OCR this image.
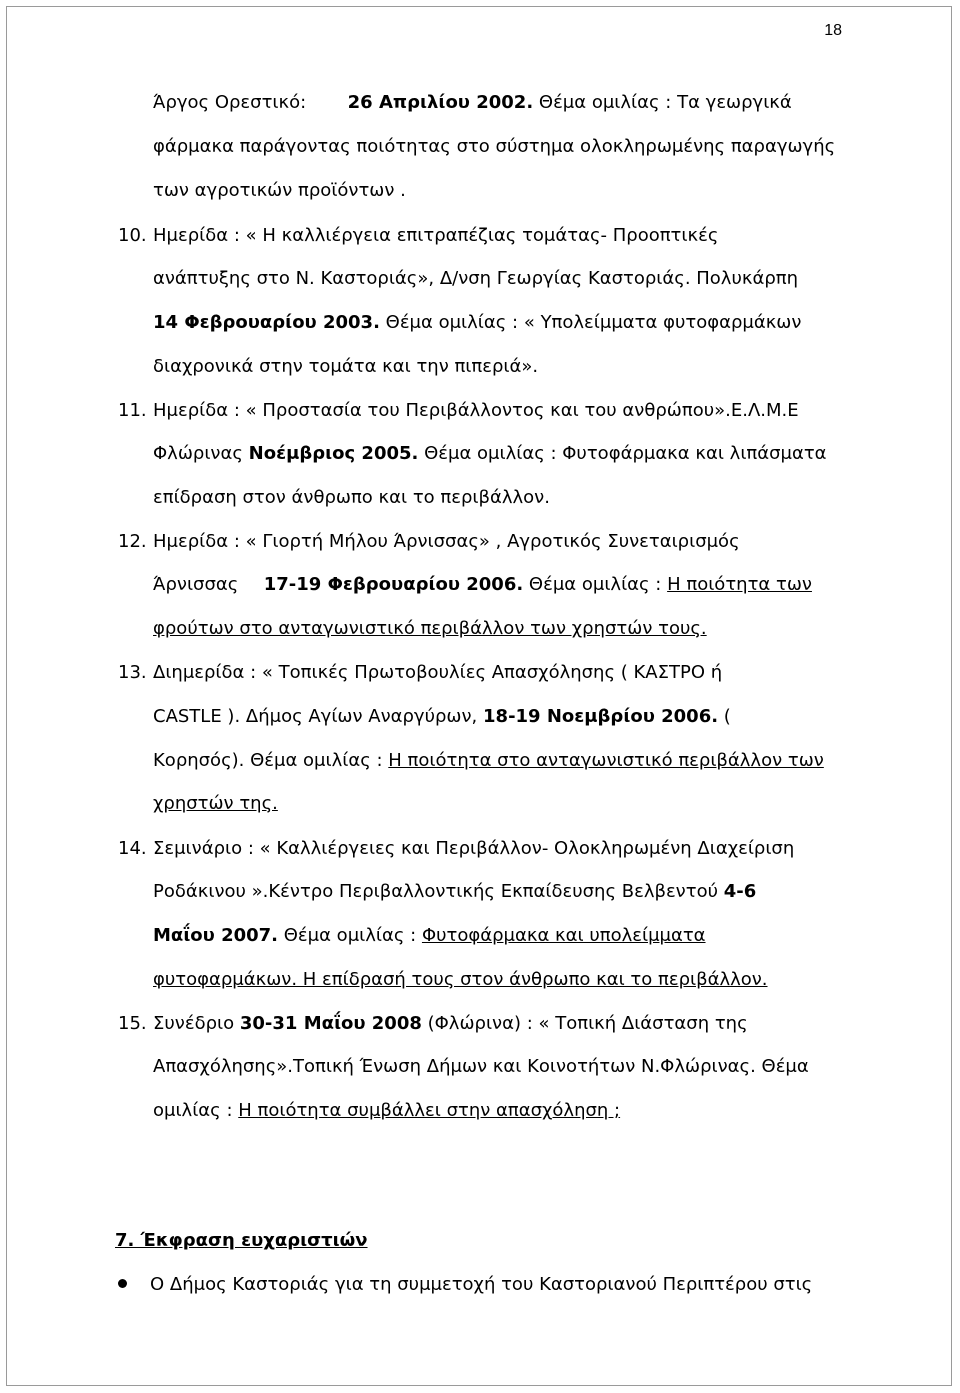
18
Άργος Ορεστικό: 26 Απριλίου 2002. Θέμα ομιλίας : Τα γεωργικά
φάρμακα παράγοντας ποιότητας στο σύστημα ολοκληρωμένης παραγωγής
των αγροτικών προϊόντων .
10. Ημερίδα : « Η καλλιέργεια επιτραπέζιας τομάτας- Προοπτικές
ανάπτυξης στο Ν. Καστοριάς», Δ/νση Γεωργίας Καστοριάς. Πολυκάρπη
14 Φεβρουαρίου 2003. Θέμα ομιλίας : « Υπολείμματα φυτοφαρμάκων
διαχρονικά στην τομάτα και την πιπεριά».
11. Ημερίδα : « Προστασία του Περιβάλλοντος και του ανθρώπου».Ε.Λ.Μ.Ε
Φλώρινας Νοέμβριος 2005. Θέμα ομιλίας : Φυτοφάρμακα και λιπάσματα
επίδραση στον άνθρωπο και το περιβάλλον.
12. Ημερίδα : « Γιορτή Μήλου Άρνισσας» , Αγροτικός Συνεταιρισμός
Άρνισσας 17-19 Φεβρουαρίου 2006. Θέμα ομιλίας : Η ποιότητα των
φρούτων στο ανταγωνιστικό περιβάλλον των χρηστών τους.
13. Διημερίδα : « Τοπικές Πρωτοβουλίες Απασχόλησης ( ΚΑΣΤΡΟ ή
CASTLE ). Δήμος Αγίων Αναργύρων, 18-19 Νοεμβρίου 2006. (
Κορησός). Θέμα ομιλίας : Η ποιότητα στο ανταγωνιστικό περιβάλλον των
χρηστών της.
14. Σεμινάριο : « Καλλιέργειες και Περιβάλλον- Ολοκληρωμένη Διαχείριση
Ροδάκινου ».Κέντρο Περιβαλλοντικής Εκπαίδευσης Βελβεντού 4-6
Μαΐου 2007. Θέμα ομιλίας : Φυτοφάρμακα και υπολείμματα
φυτοφαρμάκων. Η επίδρασή τους στον άνθρωπο και το περιβάλλον.
15. Συνέδριο 30-31 Μαΐου 2008 (Φλώρινα) : « Τοπική Διάσταση της
Απασχόλησης».Τοπική Ένωση Δήμων και Κοινοτήτων Ν.Φλώρινας. Θέμα
ομιλίας : Η ποιότητα συμβάλλει στην απασχόληση ;
7. Έκφραση ευχαριστιών
Ο Δήμος Καστοριάς για τη συμμετοχή του Καστοριανού Περιπτέρου στις
